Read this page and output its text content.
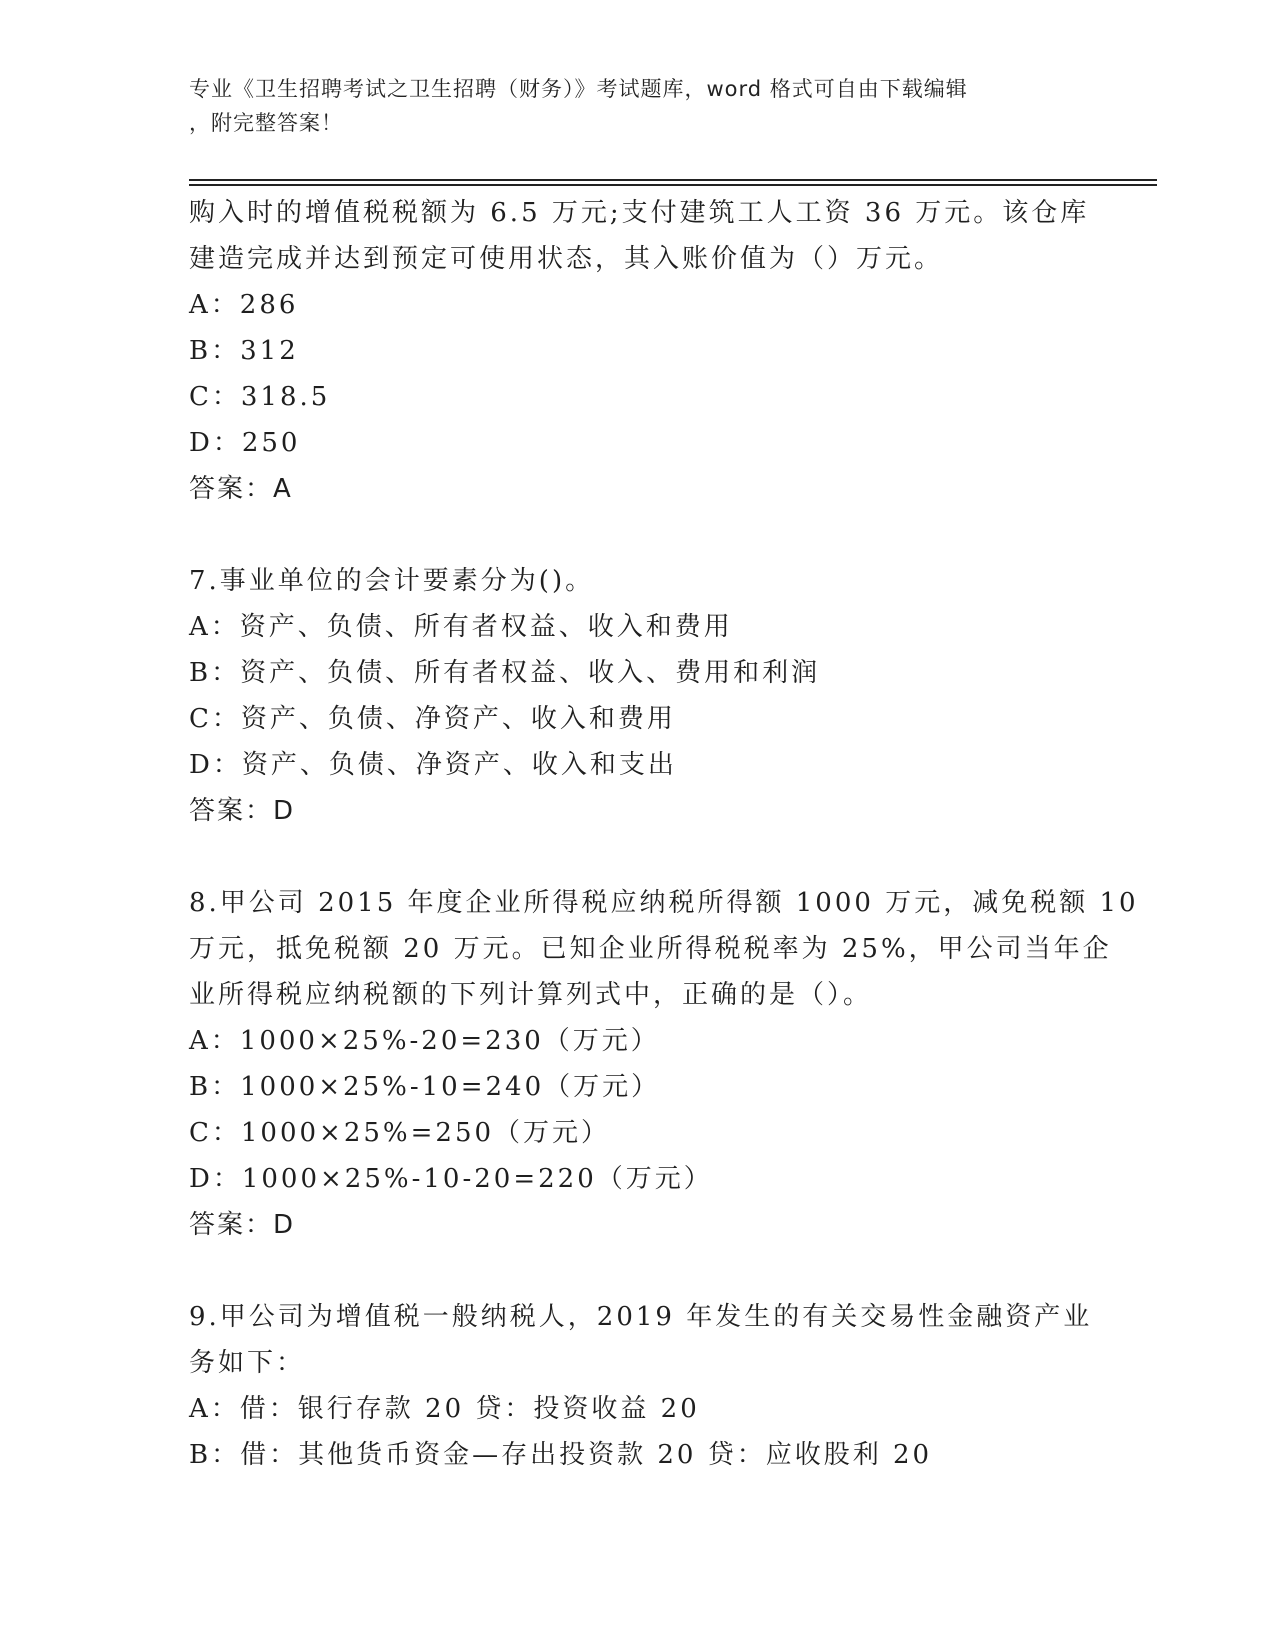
专业《卫生招聘考试之卫生招聘（财务）》考试题库，word 格式可自由下载编辑
，附完整答案！
购入时的增值税税额为 6.5 万元;支付建筑工人工资 36 万元。该仓库
建造完成并达到预定可使用状态，其入账价值为（）万元。
A：286
B：312
C：318.5
D：250
答案：A
7.事业单位的会计要素分为()。
A：资产、负债、所有者权益、收入和费用
B：资产、负债、所有者权益、收入、费用和利润
C：资产、负债、净资产、收入和费用
D：资产、负债、净资产、收入和支出
答案：D
8.甲公司 2015 年度企业所得税应纳税所得额 1000 万元，减免税额 10
万元，抵免税额 20 万元。已知企业所得税税率为 25%，甲公司当年企
业所得税应纳税额的下列计算列式中，正确的是（）。
A：1000×25%-20=230（万元）
B：1000×25%-10=240（万元）
C：1000×25%=250（万元）
D：1000×25%-10-20=220（万元）
答案：D
9.甲公司为增值税一般纳税人，2019 年发生的有关交易性金融资产业
务如下：
A：借：银行存款 20 贷：投资收益 20
B：借：其他货币资金—存出投资款 20 贷：应收股利 20
